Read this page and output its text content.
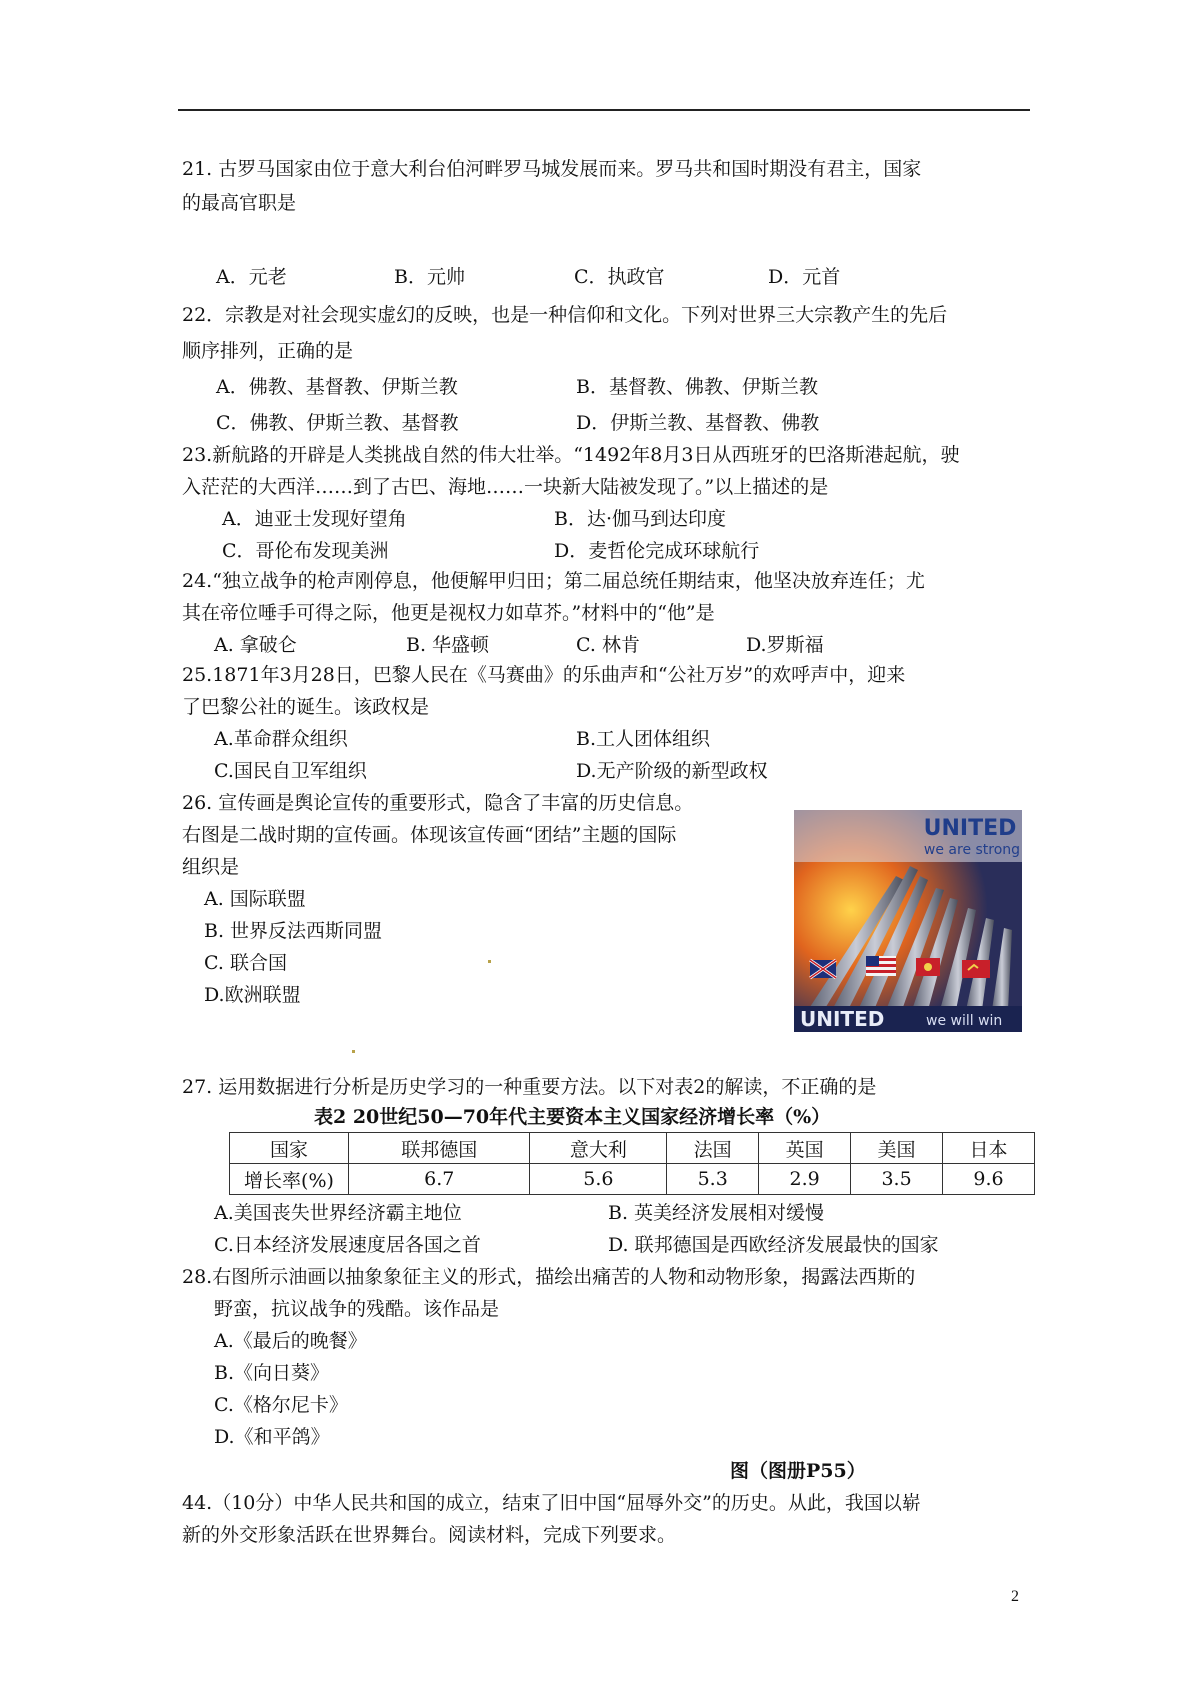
21. 古罗马国家由位于意大利台伯河畔罗马城发展而来。罗马共和国时期没有君主，国家
的最高官职是
A．元老	B．元帅	C．执政官	D．元首
22．宗教是对社会现实虚幻的反映，也是一种信仰和文化。下列对世界三大宗教产生的先后
顺序排列，正确的是
A．佛教、基督教、伊斯兰教	B．基督教、佛教、伊斯兰教
C．佛教、伊斯兰教、基督教	D．伊斯兰教、基督教、佛教
23.新航路的开辟是人类挑战自然的伟大壮举。“1492年8月3日从西班牙的巴洛斯港起航，驶
入茫茫的大西洋……到了古巴、海地……一块新大陆被发现了。”以上描述的是
A．迪亚士发现好望角	B．达·伽马到达印度
C．哥伦布发现美洲	D．麦哲伦完成环球航行
24.“独立战争的枪声刚停息，他便解甲归田；第二届总统任期结束，他坚决放弃连任；尤
其在帝位唾手可得之际，他更是视权力如草芥。”材料中的“他”是
A. 拿破仑	B. 华盛顿	C. 林肯	D.罗斯福
25.1871年3月28日，巴黎人民在《马赛曲》的乐曲声和“公社万岁”的欢呼声中，迎来
了巴黎公社的诞生。该政权是
A.革命群众组织	B.工人团体组织
C.国民自卫军组织	D.无产阶级的新型政权
26. 宣传画是舆论宣传的重要形式，隐含了丰富的历史信息。
右图是二战时期的宣传画。体现该宣传画“团结”主题的国际
组织是
A. 国际联盟
B. 世界反法西斯同盟
C. 联合国
D.欧洲联盟
UNITED
we are strong
UNITED	we will win
27. 运用数据进行分析是历史学习的一种重要方法。以下对表2的解读，不正确的是
表2 20世纪50—70年代主要资本主义国家经济增长率（%）
国家	联邦德国	意大利	法国	英国	美国	日本
增长率(%)	6.7	5.6	5.3	2.9	3.5	9.6
A.美国丧失世界经济霸主地位	B. 英美经济发展相对缓慢
C.日本经济发展速度居各国之首	D. 联邦德国是西欧经济发展最快的国家
28.右图所示油画以抽象象征主义的形式，描绘出痛苦的人物和动物形象，揭露法西斯的
野蛮，抗议战争的残酷。该作品是
A.《最后的晚餐》
B.《向日葵》
C.《格尔尼卡》
D.《和平鸽》
图（图册P55）
44.（10分）中华人民共和国的成立，结束了旧中国“屈辱外交”的历史。从此，我国以崭
新的外交形象活跃在世界舞台。阅读材料，完成下列要求。
2
